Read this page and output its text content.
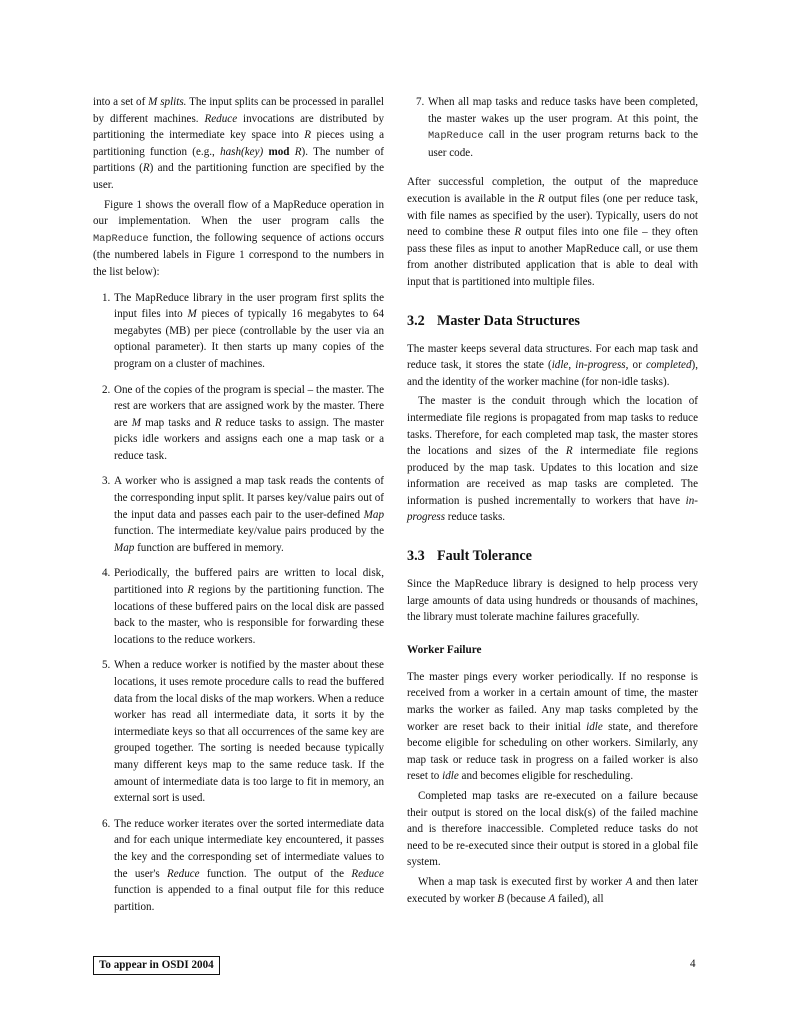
into a set of M splits. The input splits can be processed in parallel by different machines. Reduce invocations are distributed by partitioning the intermediate key space into R pieces using a partitioning function (e.g., hash(key) mod R). The number of partitions (R) and the partitioning function are specified by the user.

Figure 1 shows the overall flow of a MapReduce operation in our implementation. When the user program calls the MapReduce function, the following sequence of actions occurs (the numbered labels in Figure 1 correspond to the numbers in the list below):

1. The MapReduce library in the user program first splits the input files into M pieces of typically 16 megabytes to 64 megabytes (MB) per piece (controllable by the user via an optional parameter). It then starts up many copies of the program on a cluster of machines.
2. One of the copies of the program is special – the master. The rest are workers that are assigned work by the master. There are M map tasks and R reduce tasks to assign. The master picks idle workers and assigns each one a map task or a reduce task.
3. A worker who is assigned a map task reads the contents of the corresponding input split. It parses key/value pairs out of the input data and passes each pair to the user-defined Map function. The intermediate key/value pairs produced by the Map function are buffered in memory.
4. Periodically, the buffered pairs are written to local disk, partitioned into R regions by the partitioning function. The locations of these buffered pairs on the local disk are passed back to the master, who is responsible for forwarding these locations to the reduce workers.
5. When a reduce worker is notified by the master about these locations, it uses remote procedure calls to read the buffered data from the local disks of the map workers. When a reduce worker has read all intermediate data, it sorts it by the intermediate keys so that all occurrences of the same key are grouped together. The sorting is needed because typically many different keys map to the same reduce task. If the amount of intermediate data is too large to fit in memory, an external sort is used.
6. The reduce worker iterates over the sorted intermediate data and for each unique intermediate key encountered, it passes the key and the corresponding set of intermediate values to the user's Reduce function. The output of the Reduce function is appended to a final output file for this reduce partition.
7. When all map tasks and reduce tasks have been completed, the master wakes up the user program. At this point, the MapReduce call in the user program returns back to the user code.

After successful completion, the output of the mapreduce execution is available in the R output files (one per reduce task, with file names as specified by the user). Typically, users do not need to combine these R output files into one file – they often pass these files as input to another MapReduce call, or use them from another distributed application that is able to deal with input that is partitioned into multiple files.

3.2 Master Data Structures

The master keeps several data structures. For each map task and reduce task, it stores the state (idle, in-progress, or completed), and the identity of the worker machine (for non-idle tasks).

The master is the conduit through which the location of intermediate file regions is propagated from map tasks to reduce tasks. Therefore, for each completed map task, the master stores the locations and sizes of the R intermediate file regions produced by the map task. Updates to this location and size information are received as map tasks are completed. The information is pushed incrementally to workers that have in-progress reduce tasks.

3.3 Fault Tolerance

Since the MapReduce library is designed to help process very large amounts of data using hundreds or thousands of machines, the library must tolerate machine failures gracefully.

Worker Failure

The master pings every worker periodically. If no response is received from a worker in a certain amount of time, the master marks the worker as failed. Any map tasks completed by the worker are reset back to their initial idle state, and therefore become eligible for scheduling on other workers. Similarly, any map task or reduce task in progress on a failed worker is also reset to idle and becomes eligible for rescheduling.

Completed map tasks are re-executed on a failure because their output is stored on the local disk(s) of the failed machine and is therefore inaccessible. Completed reduce tasks do not need to be re-executed since their output is stored in a global file system.

When a map task is executed first by worker A and then later executed by worker B (because A failed), all

To appear in OSDI 2004	4
